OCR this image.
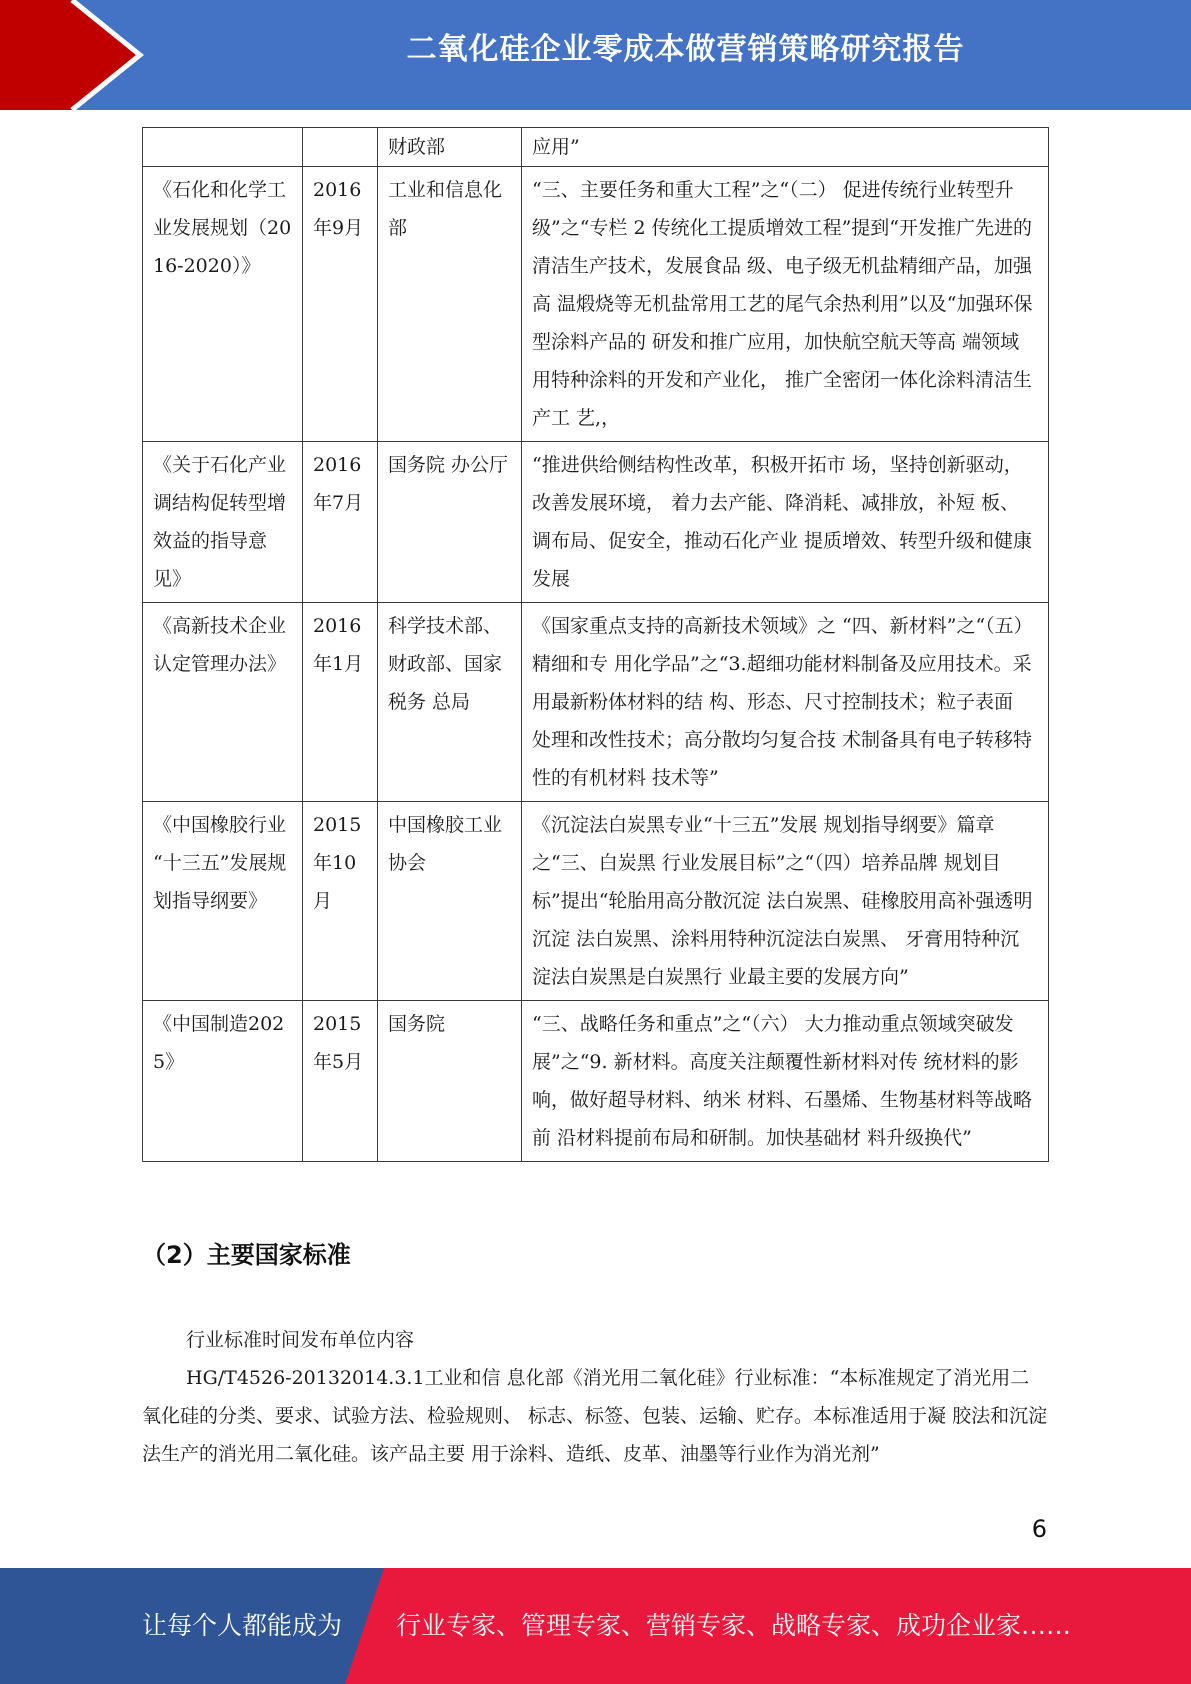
二氧化硅企业零成本做营销策略研究报告
		财政部	应用”
《石化和化学工 业发展规划（2016-2020）》	2016年9月	工业和信息化 部	“三、主要任务和重大工程”之“（二） 促进传统行业转型升级”之“专栏 2 传统化工提质增效工程”提到“开发推广先进的清洁生产技术，发展食品 级、电子级无机盐精细产品，加强高 温煅烧等无机盐常用工艺的尾气余热利用”以及“加强环保型涂料产品的 研发和推广应用，加快航空航天等高 端领域用特种涂料的开发和产业化， 推广全密闭一体化涂料清洁生产工 艺,，
《关于石化产业 调结构促转型增 效益的指导意见》	2016年7月	国务院 办公厅	“推进供给侧结构性改革，积极开拓市 场，坚持创新驱动，改善发展环境， 着力去产能、降消耗、减排放，补短 板、调布局、促安全，推动石化产业 提质增效、转型升级和健康发展
《高新技术企业 认定管理办法》	2016年1月	科学技术部、 财政部、国家 税务 总局	《国家重点支持的高新技术领域》之 “四、新材料”之“（五）精细和专 用化学品”之“3.超细功能材料制备及应用技术。采用最新粉体材料的结 构、形态、尺寸控制技术；粒子表面 处理和改性技术；高分散均匀复合技 术制备具有电子转移特性的有机材料 技术等”
《中国橡胶行业 “十三五”发展规划指导纲要》	2015年10月	中国橡胶工业 协会	《沉淀法白炭黑专业“十三五”发展 规划指导纲要》篇章之“三、白炭黑 行业发展目标”之“（四）培养品牌 规划目标”提出“轮胎用高分散沉淀 法白炭黑、硅橡胶用高补强透明沉淀 法白炭黑、涂料用特种沉淀法白炭黑、 牙膏用特种沉淀法白炭黑是白炭黑行 业最主要的发展方向”
《中国制造2025》	2015年5月	国务院	“三、战略任务和重点”之“（六） 大力推动重点领域突破发展”之“9. 新材料。高度关注颠覆性新材料对传 统材料的影响，做好超导材料、纳米 材料、石墨烯、生物基材料等战略前 沿材料提前布局和研制。加快基础材 料升级换代”
（2）主要国家标准
行业标准时间发布单位内容
HG/T4526-20132014.3.1工业和信 息化部《消光用二氧化硅》行业标准：“本标准规定了消光用二氧化硅的分类、要求、试验方法、检验规则、 标志、标签、包装、运输、贮存。本标准适用于凝 胶法和沉淀法生产的消光用二氧化硅。该产品主要 用于涂料、造纸、皮革、油墨等行业作为消光剂”
6
让每个人都能成为 行业专家、管理专家、营销专家、战略专家、成功企业家……
